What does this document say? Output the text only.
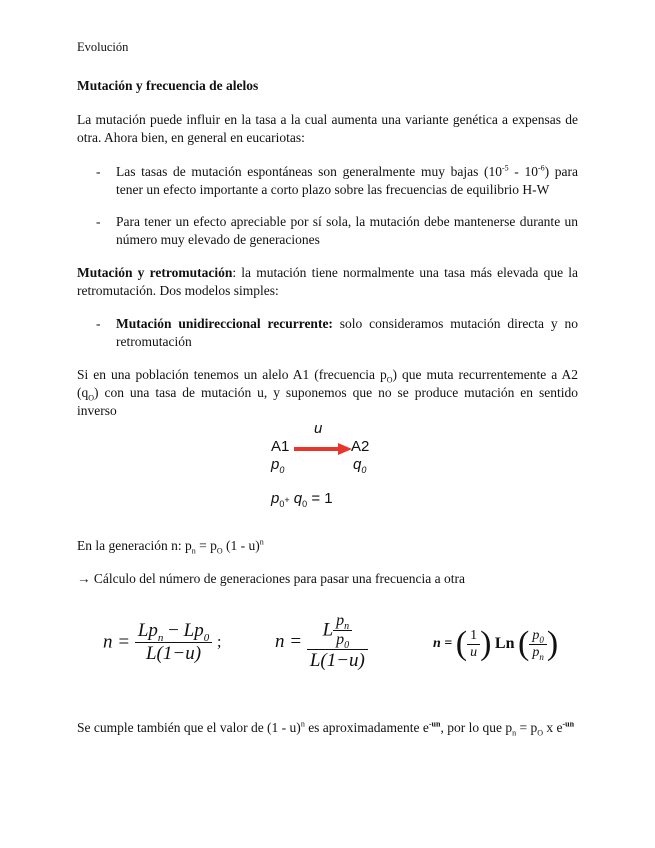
Evolución
Mutación y frecuencia de alelos
La mutación puede influir en la tasa a la cual aumenta una variante genética a expensas de otra. Ahora bien, en general en eucariotas:
- Las tasas de mutación espontáneas son generalmente muy bajas $(10^{-5} - 10^{-6})$ para tener un efecto importante a corto plazo sobre las frecuencias de equilibrio H-W
- Para tener un efecto apreciable por sí sola, la mutación debe mantenerse durante un número muy elevado de generaciones
Mutación y retromutación: la mutación tiene normalmente una tasa más elevada que la retromutación. Dos modelos simples:
- Mutación unidireccional recurrente: solo consideramos mutación directa y no retromutación
Si en una población tenemos un alelo A1 (frecuencia $p_O$) que muta recurrentemente a A2 $(q_O)$ con una tasa de mutación u, y suponemos que no se produce mutación en sentido inverso
u
A1	A2
$p_0$	$q_0$
$p_0+ q_0 = 1$
En la generación n: $p_n = p_O$ (1 - u)$^n$
→ Cálculo del número de generaciones para pasar una frecuencia a otra
$n = \frac{Lp_n - Lp_0}{L(1-u)}$ ;	$n = \frac{L \frac{p_n}{p_0}}{L(1-u)}$	n = ( $\frac{1}{u}$ ) Ln ( $\frac{p_0}{p_n}$ )
Se cumple también que el valor de (1 - u)$^n$ es aproximadamente $e^{-un}$, por lo que $p_n = p_O$ x $e^{-un}$
